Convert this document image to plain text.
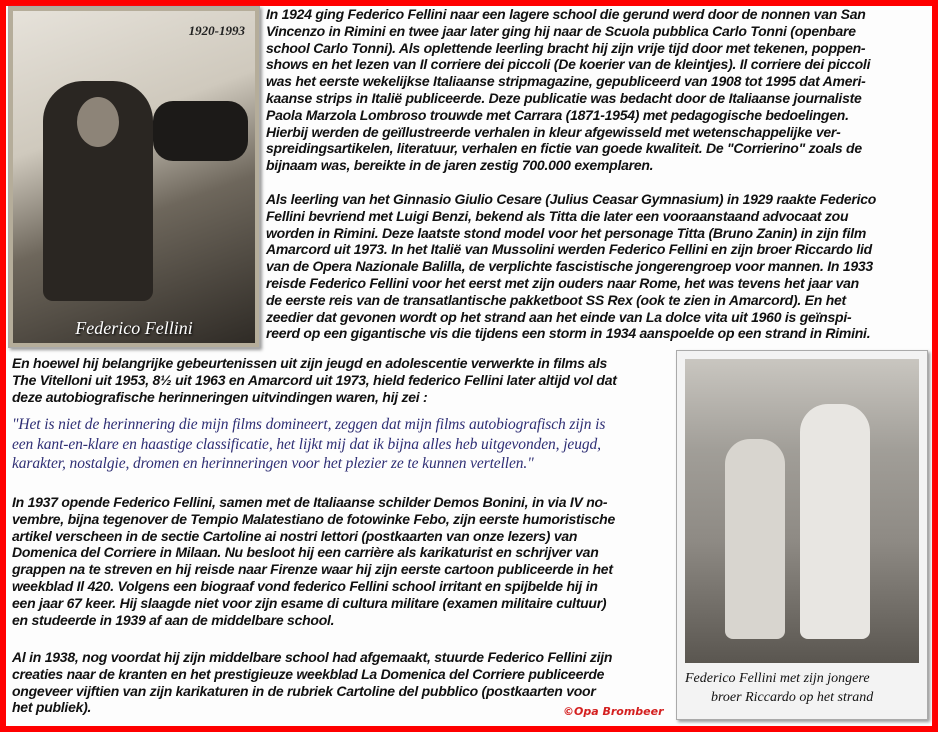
1920-1993
Federico Fellini
Federico Fellini met zijn jongere
broer Riccardo op het strand
In 1924 ging Federico Fellini naar een lagere school die gerund werd door de nonnen van San
Vincenzo in Rimini en twee jaar later ging hij naar de Scuola pubblica Carlo Tonni (openbare
school Carlo Tonni). Als oplettende leerling bracht hij zijn vrije tijd door met tekenen, poppen-
shows en het lezen van Il corriere dei piccoli (De koerier van de kleintjes). Il corriere dei piccoli
was het eerste wekelijkse Italiaanse stripmagazine, gepubliceerd van 1908 tot 1995 dat Ameri-
kaanse strips in Italië publiceerde. Deze publicatie was bedacht door de Italiaanse journaliste
Paola Marzola Lombroso trouwde met Carrara (1871-1954) met pedagogische bedoelingen.
Hierbij werden de geïllustreerde verhalen in kleur afgewisseld met wetenschappelijke ver-
spreidingsartikelen, literatuur, verhalen en fictie van goede kwaliteit. De "Corrierino" zoals de
bijnaam was, bereikte in de jaren zestig 700.000 exemplaren.
Als leerling van het Ginnasio Giulio Cesare (Julius Ceasar Gymnasium) in 1929 raakte Federico
Fellini bevriend met Luigi Benzi, bekend als Titta die later een vooraanstaand advocaat zou
worden in Rimini. Deze laatste stond model voor het personage Titta (Bruno Zanin) in zijn film
Amarcord uit 1973. In het Italië van Mussolini werden Federico Fellini en zijn broer Riccardo lid
van de Opera Nazionale Balilla, de verplichte fascistische jongerengroep voor mannen. In 1933
reisde Federico Fellini voor het eerst met zijn ouders naar Rome, het was tevens het jaar van
de eerste reis van de transatlantische pakketboot SS Rex (ook te zien in Amarcord). En het
zeedier dat gevonen wordt op het strand aan het einde van La dolce vita uit 1960 is geïnspi-
reerd op een gigantische vis die tijdens een storm in 1934 aanspoelde op een strand in Rimini.
En hoewel hij belangrijke gebeurtenissen uit zijn jeugd en adolescentie verwerkte in films als
The Vitelloni uit 1953, 8½ uit 1963 en Amarcord uit 1973, hield federico Fellini later altijd vol dat
deze autobiografische herinneringen uitvindingen waren, hij zei :
"Het is niet de herinnering die mijn films domineert, zeggen dat mijn films autobiografisch zijn is
een kant-en-klare en haastige classificatie, het lijkt mij dat ik bijna alles heb uitgevonden, jeugd,
karakter, nostalgie, dromen en herinneringen voor het plezier ze te kunnen vertellen."
In 1937 opende Federico Fellini, samen met de Italiaanse schilder Demos Bonini, in via IV no-
vembre, bijna tegenover de Tempio Malatestiano de fotowinke Febo, zijn eerste humoristische
artikel verscheen in de sectie Cartoline ai nostri lettori (postkaarten van onze lezers) van
Domenica del Corriere in Milaan. Nu besloot hij een carrière als karikaturist en schrijver van
grappen na te streven en hij reisde naar Firenze waar hij zijn eerste cartoon publiceerde in het
weekblad Il 420. Volgens een biograaf vond federico Fellini school irritant en spijbelde hij in
een jaar 67 keer. Hij slaagde niet voor zijn esame di cultura militare (examen militaire cultuur)
en studeerde in 1939 af aan de middelbare school.
Al in 1938, nog voordat hij zijn middelbare school had afgemaakt, stuurde Federico Fellini zijn
creaties naar de kranten en het prestigieuze weekblad La Domenica del Corriere publiceerde
ongeveer vijftien van zijn karikaturen in de rubriek Cartoline del pubblico (postkaarten voor
het publiek).	©Opa Brombeer
